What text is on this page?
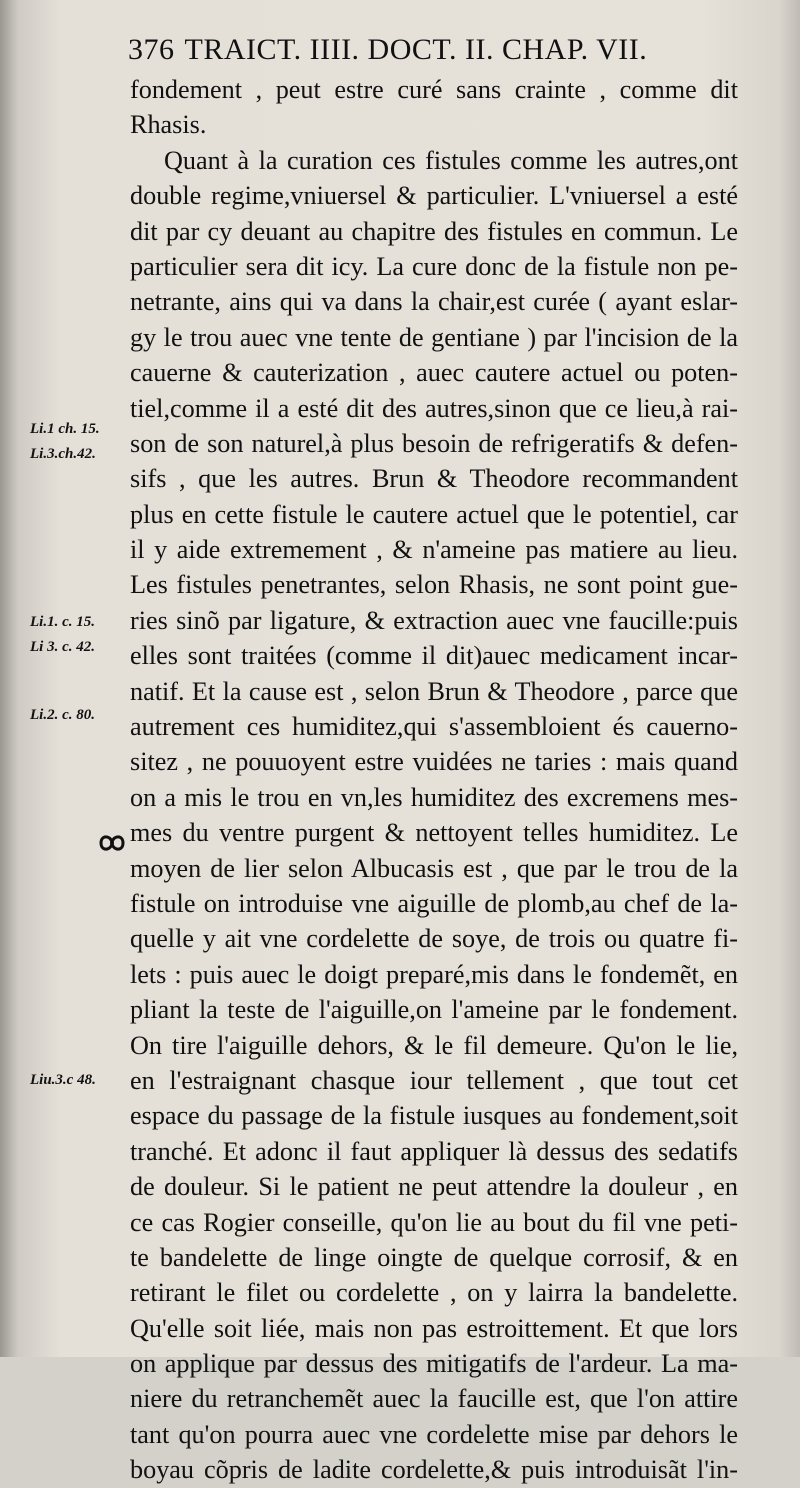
376 TRAICT. IIII. DOCT. II. CHAP. VII.
Li.1 ch. 15.
Li.3.ch.42.
Li.1. c. 15.
Li 3. c. 42.
Li.2. c. 80.
Liu.3.c 48.
fondement , peut estre curé sans crainte , comme dit
Rhasis.
Quant à la curation ces fistules comme les autres,ont
double regime,vniuersel & particulier. L'vniuersel a esté
dit par cy deuant au chapitre des fistules en commun. Le
particulier sera dit icy. La cure donc de la fistule non pe-
netrante, ains qui va dans la chair,est curée ( ayant eslar-
gy le trou auec vne tente de gentiane ) par l'incision de la
cauerne & cauterization , auec cautere actuel ou poten-
tiel,comme il a esté dit des autres,sinon que ce lieu,à rai-
son de son naturel,à plus besoin de refrigeratifs & defen-
sifs , que les autres. Brun & Theodore recommandent
plus en cette fistule le cautere actuel que le potentiel, car
il y aide extremement , & n'ameine pas matiere au lieu.
Les fistules penetrantes, selon Rhasis, ne sont point gue-
ries sinõ par ligature, & extraction auec vne faucille:puis
elles sont traitées (comme il dit)auec medicament incar-
natif. Et la cause est , selon Brun & Theodore , parce que
autrement ces humiditez,qui s'assembloient és cauerno-
sitez , ne pouuoyent estre vuidées ne taries : mais quand
on a mis le trou en vn,les humiditez des excremens mes-
mes du ventre purgent & nettoyent telles humiditez. Le
moyen de lier selon Albucasis est , que par le trou de la
fistule on introduise vne aiguille de plomb,au chef de la-
quelle y ait vne cordelette de soye, de trois ou quatre fi-
lets : puis auec le doigt preparé,mis dans le fondemẽt, en
pliant la teste de l'aiguille,on l'ameine par le fondement.
On tire l'aiguille dehors, & le fil demeure. Qu'on le lie,
en l'estraignant chasque iour tellement , que tout cet
espace du passage de la fistule iusques au fondement,soit
tranché. Et adonc il faut appliquer là dessus des sedatifs
de douleur. Si le patient ne peut attendre la douleur , en
ce cas Rogier conseille, qu'on lie au bout du fil vne peti-
te bandelette de linge oingte de quelque corrosif, & en
retirant le filet ou cordelette , on y lairra la bandelette.
Qu'elle soit liée, mais non pas estroittement. Et que lors
on applique par dessus des mitigatifs de l'ardeur. La ma-
niere du retranchemẽt auec la faucille est, que l'on attire
tant qu'on pourra auec vne cordelette mise par dehors le
boyau cõpris de ladite cordelette,& puis introduisãt l'in-
